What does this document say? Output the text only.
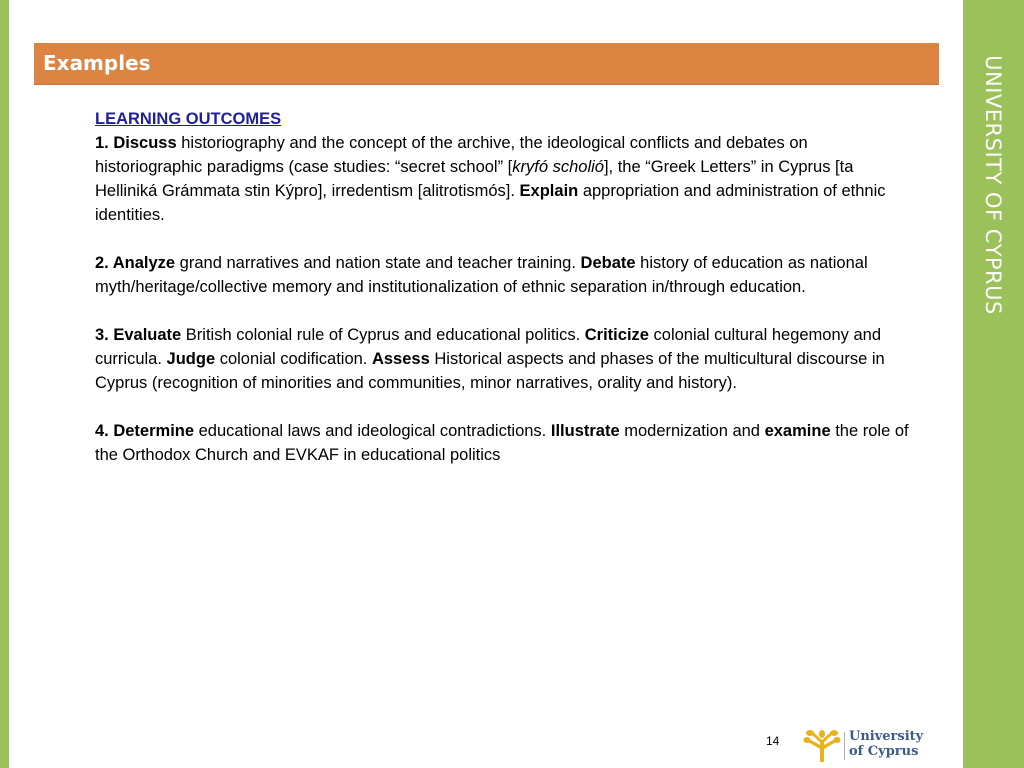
UNIVERSITY OF CYPRUS
Examples
LEARNING OUTCOMES
1. Discuss historiography and the concept of the archive, the ideological conflicts and debates on historiographic paradigms (case studies: “secret school” [kryfó scholió], the “Greek Letters” in Cyprus [ta Helliniká Grámmata stin Kýpro], irredentism [alitrotismós]. Explain appropriation and administration of ethnic identities.
2. Analyze grand narratives and nation state and teacher training. Debate history of education as national myth/heritage/collective memory and institutionalization of ethnic separation in/through education.
3. Evaluate British colonial rule of Cyprus and educational politics. Criticize colonial cultural hegemony and curricula. Judge colonial codification. Assess Historical aspects and phases of the multicultural discourse in Cyprus (recognition of minorities and communities, minor narratives, orality and history).
4. Determine educational laws and ideological contradictions. Illustrate modernization and examine the role of the Orthodox Church and EVKAF in educational politics
14	University
of Cyprus
